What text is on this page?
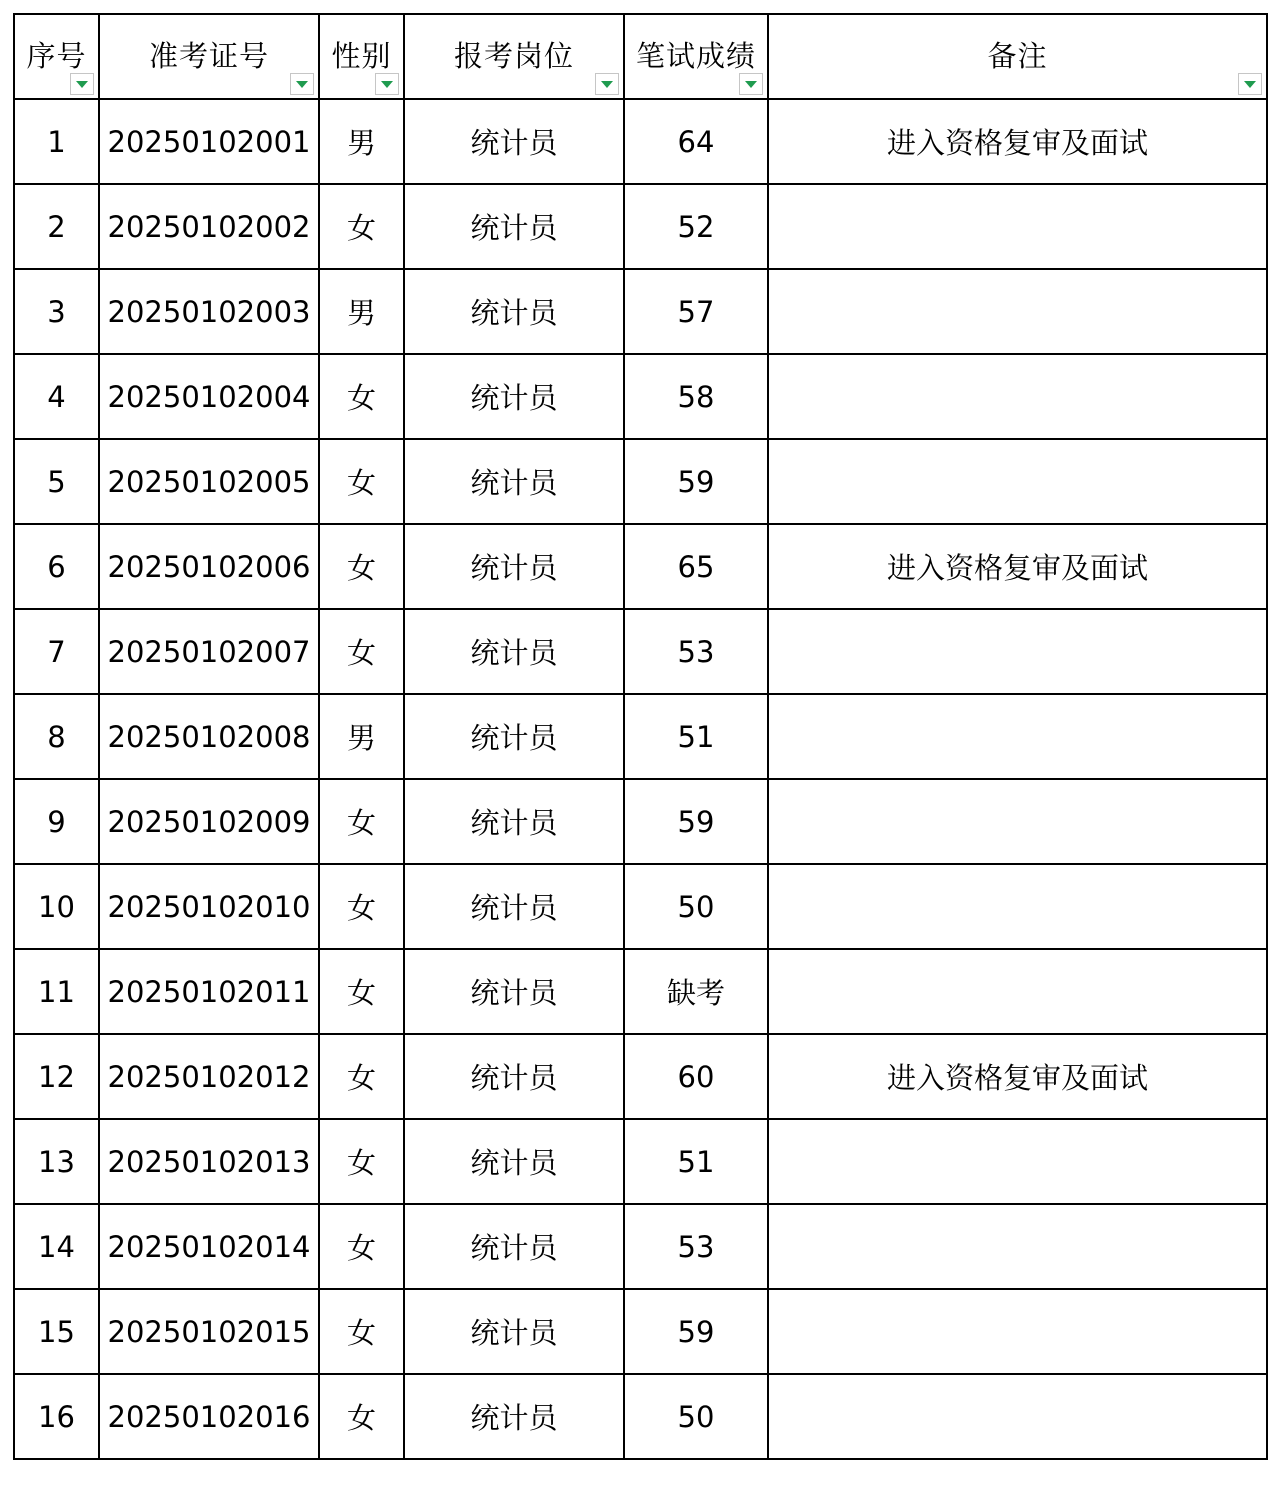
序号	准考证号	性别	报考岗位	笔试成绩	备注

1	20250102001	男	统计员	64	进入资格复审及面试
2	20250102002	女	统计员	52	
3	20250102003	男	统计员	57	
4	20250102004	女	统计员	58	
5	20250102005	女	统计员	59	
6	20250102006	女	统计员	65	进入资格复审及面试
7	20250102007	女	统计员	53	
8	20250102008	男	统计员	51	
9	20250102009	女	统计员	59	
10	20250102010	女	统计员	50	
11	20250102011	女	统计员	缺考	
12	20250102012	女	统计员	60	进入资格复审及面试
13	20250102013	女	统计员	51	
14	20250102014	女	统计员	53	
15	20250102015	女	统计员	59	
16	20250102016	女	统计员	50	
